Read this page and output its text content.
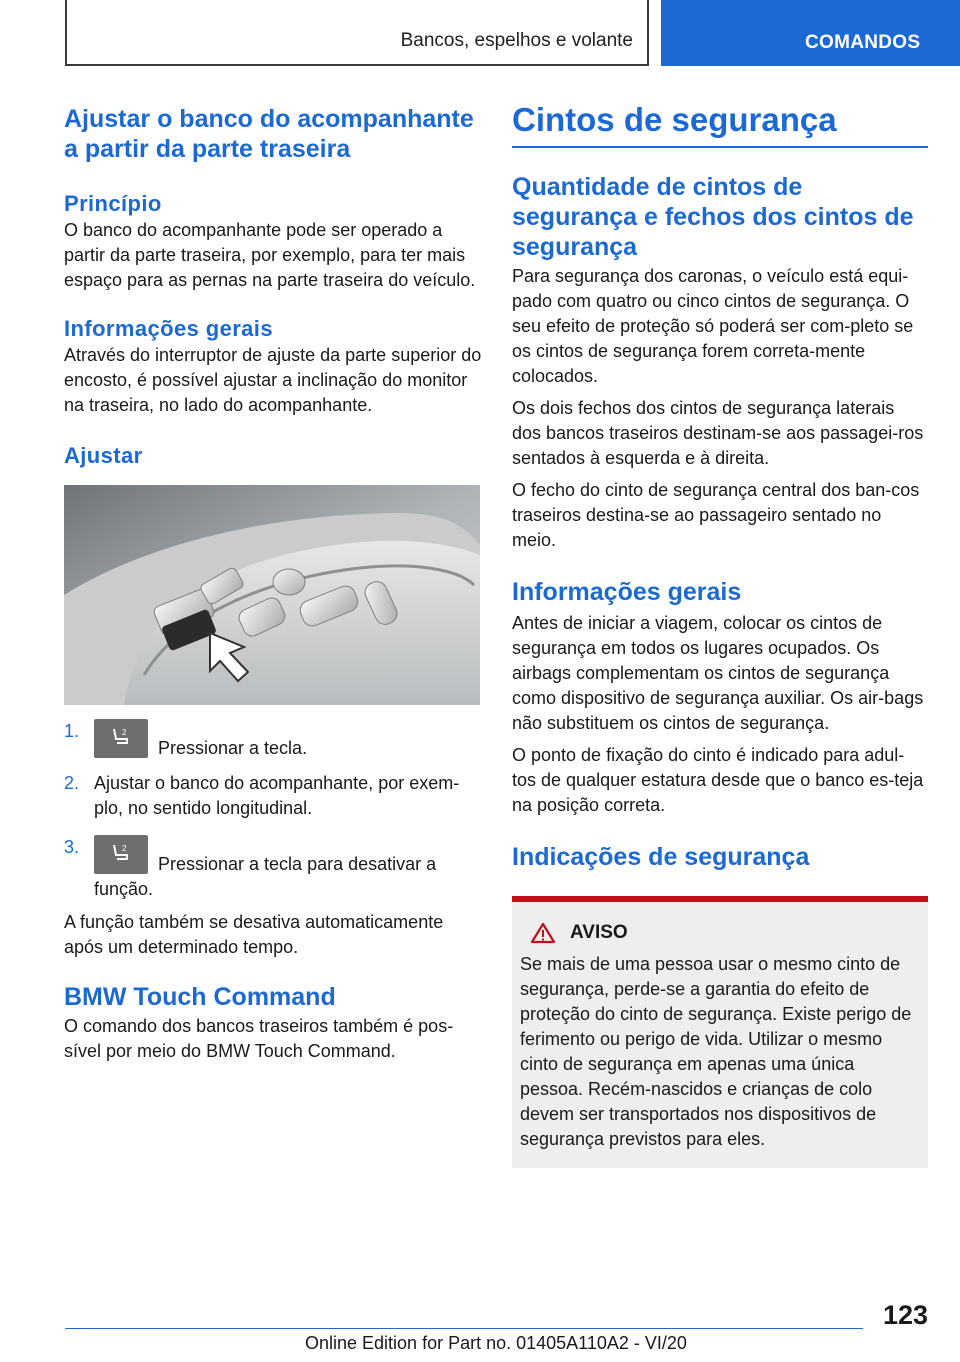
Bancos, espelhos e volante	COMANDOS
Ajustar o banco do acompanhante a partir da parte traseira
Princípio

O banco do acompanhante pode ser operado a partir da parte traseira, por exemplo, para ter mais espaço para as pernas na parte traseira do veículo.

Informações gerais

Através do interruptor de ajuste da parte superior do encosto, é possível ajustar a inclinação do monitor na traseira, no lado do acompanhante.

Ajustar
1.	2
Pressionar a tecla.
2. Ajustar o banco do acompanhante, por exem-plo, no sentido longitudinal.
3.	2
Pressionar a tecla para desativar a função.

A função também se desativa automaticamente após um determinado tempo.

BMW Touch Command

O comando dos bancos traseiros também é pos-sível por meio do BMW Touch Command.

Cintos de segurança
Quantidade de cintos de segurança e fechos dos cintos de segurança

Para segurança dos caronas, o veículo está equi-pado com quatro ou cinco cintos de segurança. O seu efeito de proteção só poderá ser com-pleto se os cintos de segurança forem correta-mente colocados.

Os dois fechos dos cintos de segurança laterais dos bancos traseiros destinam-se aos passagei-ros sentados à esquerda e à direita.

O fecho do cinto de segurança central dos ban-cos traseiros destina-se ao passageiro sentado no meio.

Informações gerais

Antes de iniciar a viagem, colocar os cintos de segurança em todos os lugares ocupados. Os airbags complementam os cintos de segurança como dispositivo de segurança auxiliar. Os air-bags não substituem os cintos de segurança.

O ponto de fixação do cinto é indicado para adul-tos de qualquer estatura desde que o banco es-teja na posição correta.

Indicações de segurança
AVISO

Se mais de uma pessoa usar o mesmo cinto de segurança, perde-se a garantia do efeito de proteção do cinto de segurança. Existe perigo de ferimento ou perigo de vida. Utilizar o mesmo cinto de segurança em apenas uma única pessoa. Recém-nascidos e crianças de colo devem ser transportados nos dispositivos de segurança previstos para eles.

123
Online Edition for Part no. 01405A110A2 - VI/20
